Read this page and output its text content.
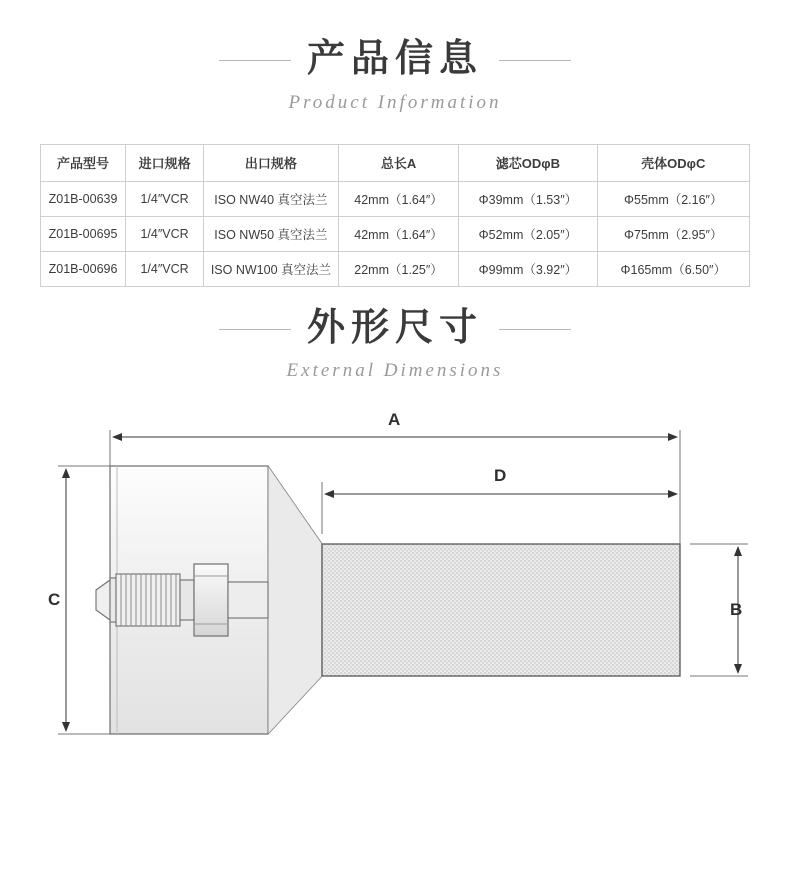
产品信息
Product Information
产品型号	进口规格	出口规格	总长A	滤芯ODφB	壳体ODφC
Z01B-00639	1/4″VCR	ISO NW40 真空法兰	42mm（1.64″）	Φ39mm（1.53″）	Φ55mm（2.16″）
Z01B-00695	1/4″VCR	ISO NW50 真空法兰	42mm（1.64″）	Φ52mm（2.05″）	Φ75mm（2.95″）
Z01B-00696	1/4″VCR	ISO NW100 真空法兰	22mm（1.25″）	Φ99mm（3.92″）	Φ165mm（6.50″）
外形尺寸
External Dimensions
A
D
C
B
